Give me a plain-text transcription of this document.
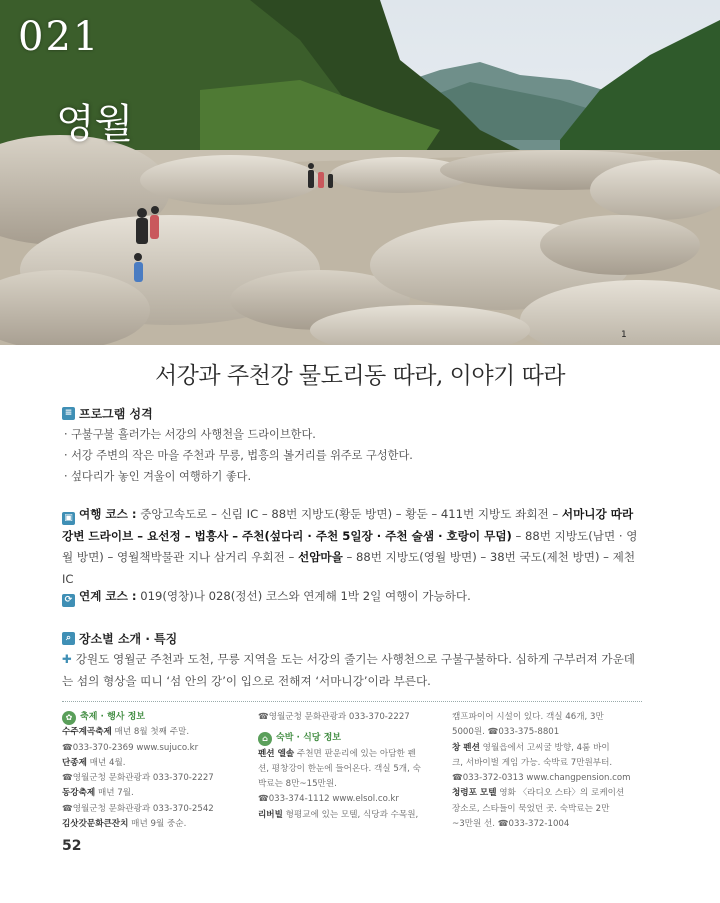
021
영월
1
서강과 주천강 물도리동 따라, 이야기 따라
≡ 프로그램 성격
· 구불구불 흘러가는 서강의 사행천을 드라이브한다.
· 서강 주변의 작은 마을 주천과 무릉, 법흥의 볼거리를 위주로 구성한다.
· 섶다리가 놓인 겨울이 여행하기 좋다.
▣ 여행 코스 : 중앙고속도로 – 신림 IC – 88번 지방도(황둔 방면) – 황둔 – 411번 지방도 좌회전 – 서마니강 따라 강변 드라이브 – 요선정 – 법흥사 – 주천(섶다리 · 주천 5일장 · 주천 술샘 · 호랑이 무덤) – 88번 지방도(남면 · 영월 방면) – 영월책박물관 지나 삼거리 우회전 – 선암마을 – 88번 지방도(영월 방면) – 38번 국도(제천 방면) – 제천 IC
⟳ 연계 코스 : 019(영창)나 028(정선) 코스와 연계해 1박 2일 여행이 가능하다.
⌕ 장소별 소개 · 특징
✚ 강원도 영월군 주천과 도천, 무릉 지역을 도는 서강의 줄기는 사행천으로 구불구불하다. 심하게 구부러져 가운데는 섬의 형상을 띠니 ‘섬 안의 강’이 입으로 전해져 ‘서마니강’이라 부른다.
✿ 축제 · 행사 정보
수주계곡축제 매년 8월 첫째 주말.
☎033-370-2369 www.sujuco.kr
단종제 매년 4월.
☎영월군청 문화관광과 033-370-2227
동강축제 매년 7월.
☎영월군청 문화관광과 033-370-2542
김삿갓문화큰잔치 매년 9월 중순.
☎영월군청 문화관광과 033-370-2227
⌂ 숙박 · 식당 정보
펜션 엘솔 주천면 판운리에 있는 아담한 펜
션, 평창강이 한눈에 들어온다. 객실 5개, 숙
박료는 8만~15만원.
☎033-374-1112 www.elsol.co.kr
리버빌 형평교에 있는 모텔, 식당과 수목원,
캠프파이어 시설이 있다. 객실 46개, 3만
5000원. ☎033-375-8801
창 펜션 영월읍에서 고씨굴 방향, 4룸 바이
크, 서바이벌 게임 가능. 숙박료 7만원부터.
☎033-372-0313 www.changpension.com
청령포 모텔 영화 〈라디오 스타〉의 로케이션
장소로, 스타들이 묵었던 곳. 숙박료는 2만
~3만원 선. ☎033-372-1004
52
